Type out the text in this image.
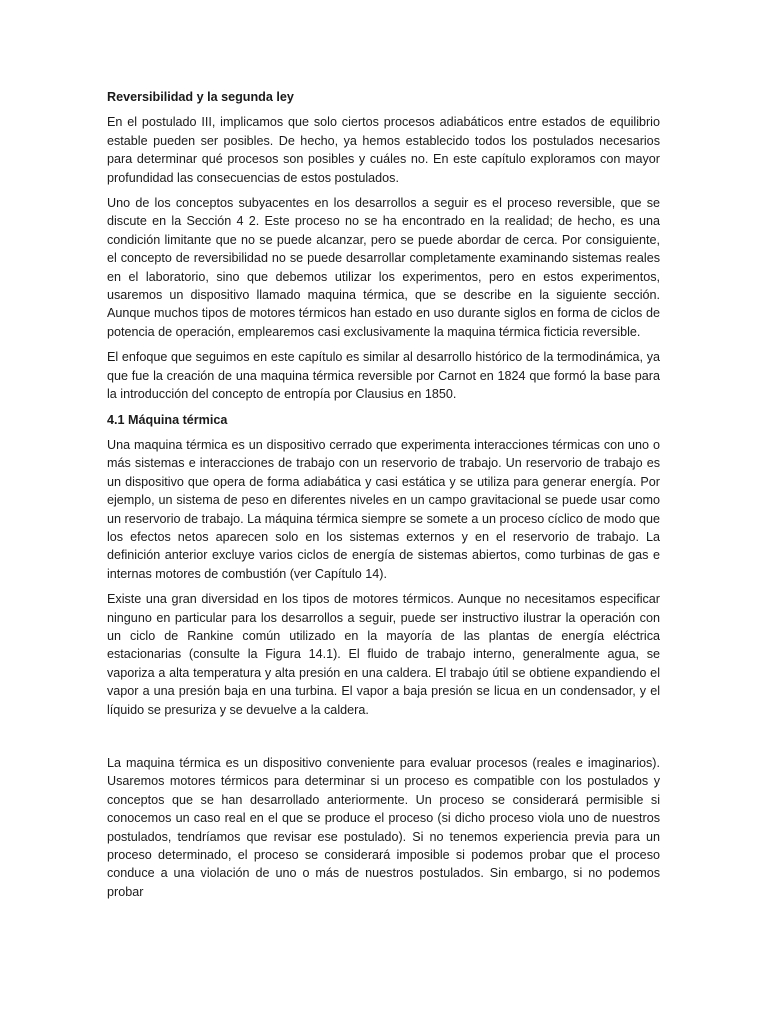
Reversibilidad y la segunda ley

En el postulado III, implicamos que solo ciertos procesos adiabáticos entre estados de equilibrio estable pueden ser posibles. De hecho, ya hemos establecido todos los postulados necesarios para determinar qué procesos son posibles y cuáles no. En este capítulo exploramos con mayor profundidad las consecuencias de estos postulados.

Uno de los conceptos subyacentes en los desarrollos a seguir es el proceso reversible, que se discute en la Sección 4 2. Este proceso no se ha encontrado en la realidad; de hecho, es una condición limitante que no se puede alcanzar, pero se puede abordar de cerca. Por consiguiente, el concepto de reversibilidad no se puede desarrollar completamente examinando sistemas reales en el laboratorio, sino que debemos utilizar los experimentos, pero en estos experimentos, usaremos un dispositivo llamado maquina térmica, que se describe en la siguiente sección. Aunque muchos tipos de motores térmicos han estado en uso durante siglos en forma de ciclos de potencia de operación, emplearemos casi exclusivamente la maquina térmica ficticia reversible.

El enfoque que seguimos en este capítulo es similar al desarrollo histórico de la termodinámica, ya que fue la creación de una maquina térmica reversible por Carnot en 1824 que formó la base para la introducción del concepto de entropía por Clausius en 1850.

4.1 Máquina térmica

Una maquina térmica es un dispositivo cerrado que experimenta interacciones térmicas con uno o más sistemas e interacciones de trabajo con un reservorio de trabajo. Un reservorio de trabajo es un dispositivo que opera de forma adiabática y casi estática y se utiliza para generar energía. Por ejemplo, un sistema de peso en diferentes niveles en un campo gravitacional se puede usar como un reservorio de trabajo. La máquina térmica siempre se somete a un proceso cíclico de modo que los efectos netos aparecen solo en los sistemas externos y en el reservorio de trabajo. La definición anterior excluye varios ciclos de energía de sistemas abiertos, como turbinas de gas e internas motores de combustión (ver Capítulo 14).

Existe una gran diversidad en los tipos de motores térmicos. Aunque no necesitamos especificar ninguno en particular para los desarrollos a seguir, puede ser instructivo ilustrar la operación con un ciclo de Rankine común utilizado en la mayoría de las plantas de energía eléctrica estacionarias (consulte la Figura 14.1). El fluido de trabajo interno, generalmente agua, se vaporiza a alta temperatura y alta presión en una caldera. El trabajo útil se obtiene expandiendo el vapor a una presión baja en una turbina. El vapor a baja presión se licua en un condensador, y el líquido se presuriza y se devuelve a la caldera.

La maquina térmica es un dispositivo conveniente para evaluar procesos (reales e imaginarios). Usaremos motores térmicos para determinar si un proceso es compatible con los postulados y conceptos que se han desarrollado anteriormente. Un proceso se considerará permisible si conocemos un caso real en el que se produce el proceso (si dicho proceso viola uno de nuestros postulados, tendríamos que revisar ese postulado). Si no tenemos experiencia previa para un proceso determinado, el proceso se considerará imposible si podemos probar que el proceso conduce a una violación de uno o más de nuestros postulados. Sin embargo, si no podemos probar
